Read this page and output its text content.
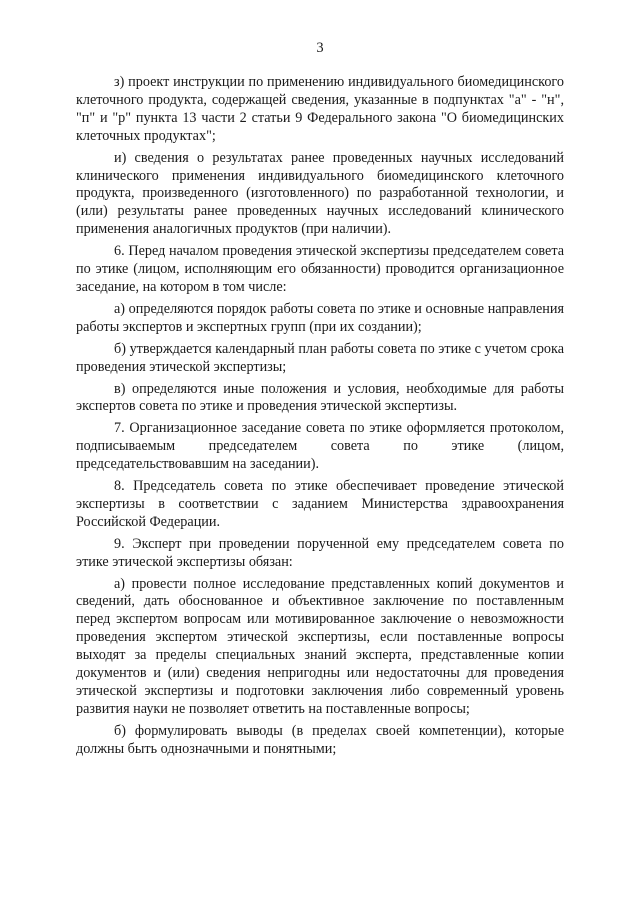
3

з) проект инструкции по применению индивидуального биомедицинского клеточного продукта, содержащей сведения, указанные в подпунктах "а" - "н", "п" и "р" пункта 13 части 2 статьи 9 Федерального закона "О биомедицинских клеточных продуктах";

и) сведения о результатах ранее проведенных научных исследований клинического применения индивидуального биомедицинского клеточного продукта, произведенного (изготовленного) по разработанной технологии, и (или) результаты ранее проведенных научных исследований клинического применения аналогичных продуктов (при наличии).

6. Перед началом проведения этической экспертизы председателем совета по этике (лицом, исполняющим его обязанности) проводится организационное заседание, на котором в том числе:

а) определяются порядок работы совета по этике и основные направления работы экспертов и экспертных групп (при их создании);

б) утверждается календарный план работы совета по этике с учетом срока проведения этической экспертизы;

в) определяются иные положения и условия, необходимые для работы экспертов совета по этике и проведения этической экспертизы.

7. Организационное заседание совета по этике оформляется протоколом, подписываемым председателем совета по этике (лицом, председательствовавшим на заседании).

8. Председатель совета по этике обеспечивает проведение этической экспертизы в соответствии с заданием Министерства здравоохранения Российской Федерации.

9. Эксперт при проведении порученной ему председателем совета по этике этической экспертизы обязан:

а) провести полное исследование представленных копий документов и сведений, дать обоснованное и объективное заключение по поставленным перед экспертом вопросам или мотивированное заключение о невозможности проведения экспертом этической экспертизы, если поставленные вопросы выходят за пределы специальных знаний эксперта, представленные копии документов и (или) сведения непригодны или недостаточны для проведения этической экспертизы и подготовки заключения либо современный уровень развития науки не позволяет ответить на поставленные вопросы;

б) формулировать выводы (в пределах своей компетенции), которые должны быть однозначными и понятными;
